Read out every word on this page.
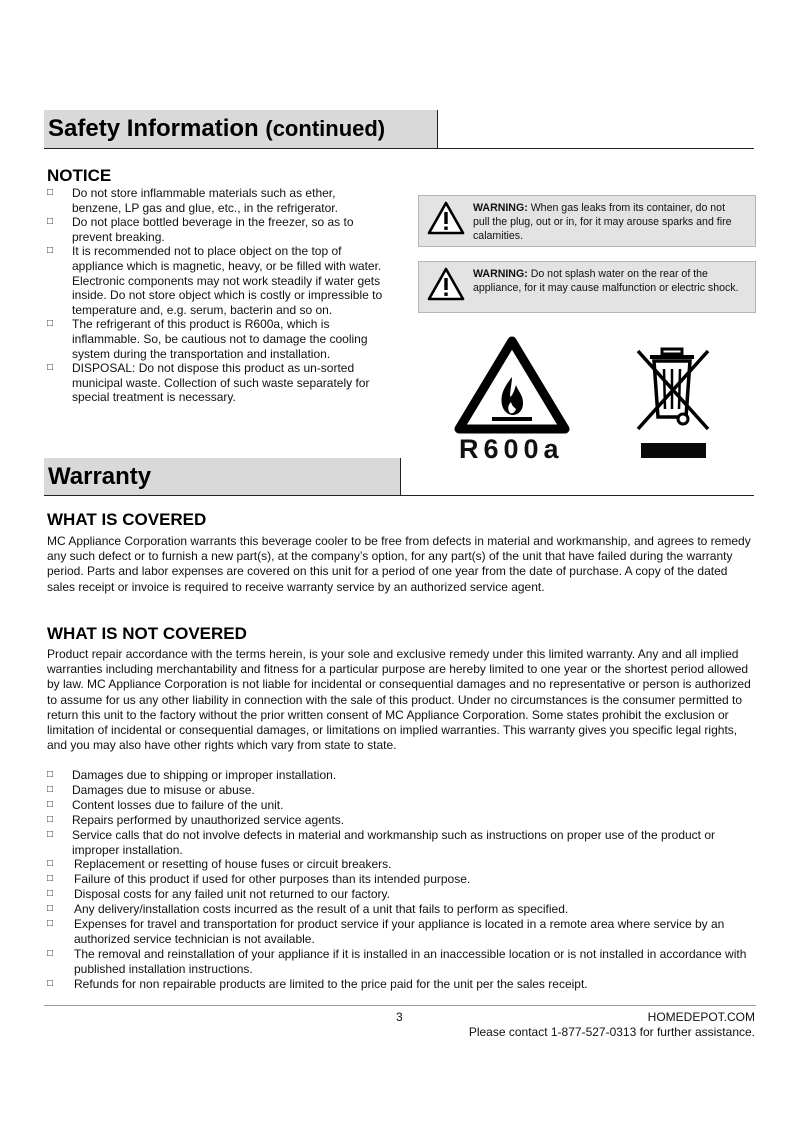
Safety Information (continued)
NOTICE
□ Do not store inflammable materials such as ether, benzene, LP gas and glue, etc., in the refrigerator.
□ Do not place bottled beverage in the freezer, so as to prevent breaking.
□ It is recommended not to place object on the top of appliance which is magnetic, heavy, or be filled with water. Electronic components may not work steadily if water gets inside. Do not store object which is costly or impressible to temperature and, e.g. serum, bacterin and so on.
□ The refrigerant of this product is R600a, which is inflammable. So, be cautious not to damage the cooling system during the transportation and installation.
□ DISPOSAL: Do not dispose this product as un-sorted municipal waste. Collection of such waste separately for special treatment is necessary.
WARNING: When gas leaks from its container, do not pull the plug, out or in, for it may arouse sparks and fire calamities.
WARNING: Do not splash water on the rear of the appliance, for it may cause malfunction or electric shock.
R600a
Warranty
WHAT IS COVERED
MC Appliance Corporation warrants this beverage cooler to be free from defects in material and workmanship, and agrees to remedy any such defect or to furnish a new part(s), at the company’s option, for any part(s) of the unit that have failed during the warranty period. Parts and labor expenses are covered on this unit for a period of one year from the date of purchase. A copy of the dated sales receipt or invoice is required to receive warranty service by an authorized service agent.
WHAT IS NOT COVERED
Product repair accordance with the terms herein, is your sole and exclusive remedy under this limited warranty. Any and all implied warranties including merchantability and fitness for a particular purpose are hereby limited to one year or the shortest period allowed by law. MC Appliance Corporation is not liable for incidental or consequential damages and no representative or person is authorized to assume for us any other liability in connection with the sale of this product. Under no circumstances is the consumer permitted to return this unit to the factory without the prior written consent of MC Appliance Corporation. Some states prohibit the exclusion or limitation of incidental or consequential damages, or limitations on implied warranties. This warranty gives you specific legal rights, and you may also have other rights which vary from state to state.
□ Damages due to shipping or improper installation.
□ Damages due to misuse or abuse.
□ Content losses due to failure of the unit.
□ Repairs performed by unauthorized service agents.
□ Service calls that do not involve defects in material and workmanship such as instructions on proper use of the product or improper installation.
□ Replacement or resetting of house fuses or circuit breakers.
□ Failure of this product if used for other purposes than its intended purpose.
□ Disposal costs for any failed unit not returned to our factory.
□ Any delivery/installation costs incurred as the result of a unit that fails to perform as specified.
□ Expenses for travel and transportation for product service if your appliance is located in a remote area where service by an authorized service technician is not available.
□ The removal and reinstallation of your appliance if it is installed in an inaccessible location or is not installed in accordance with published installation instructions.
□ Refunds for non repairable products are limited to the price paid for the unit per the sales receipt.
3	HOMEDEPOT.COM
Please contact 1-877-527-0313 for further assistance.
